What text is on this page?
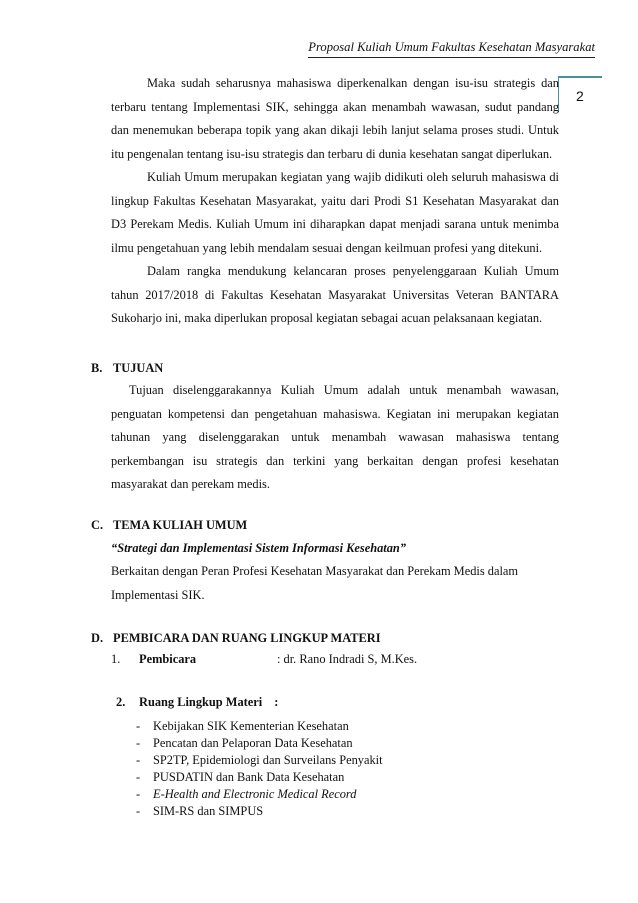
Proposal Kuliah Umum Fakultas Kesehatan Masyarakat
2

Maka sudah seharusnya mahasiswa diperkenalkan dengan isu-isu strategis dan terbaru tentang Implementasi SIK, sehingga akan menambah wawasan, sudut pandang dan menemukan beberapa topik yang akan dikaji lebih lanjut selama proses studi. Untuk itu pengenalan tentang isu-isu strategis dan terbaru di dunia kesehatan sangat diperlukan.

Kuliah Umum merupakan kegiatan yang wajib didikuti oleh seluruh mahasiswa di lingkup Fakultas Kesehatan Masyarakat, yaitu dari Prodi S1 Kesehatan Masyarakat dan D3 Perekam Medis. Kuliah Umum ini diharapkan dapat menjadi sarana untuk menimba ilmu pengetahuan yang lebih mendalam sesuai dengan keilmuan profesi yang ditekuni.

Dalam rangka mendukung kelancaran proses penyelenggaraan Kuliah Umum tahun 2017/2018 di Fakultas Kesehatan Masyarakat Universitas Veteran BANTARA Sukoharjo ini, maka diperlukan proposal kegiatan sebagai acuan pelaksanaan kegiatan.

B. TUJUAN

Tujuan diselenggarakannya Kuliah Umum adalah untuk menambah wawasan, penguatan kompetensi dan pengetahuan mahasiswa. Kegiatan ini merupakan kegiatan tahunan yang diselenggarakan untuk menambah wawasan mahasiswa tentang perkembangan isu strategis dan terkini yang berkaitan dengan profesi kesehatan masyarakat dan perekam medis.

C. TEMA KULIAH UMUM
“Strategi dan Implementasi Sistem Informasi Kesehatan”

Berkaitan dengan Peran Profesi Kesehatan Masyarakat dan Perekam Medis dalam Implementasi SIK.

D. PEMBICARA DAN RUANG LINGKUP MATERI
1. Pembicara	: dr. Rano Indradi S, M.Kes.
2. Ruang Lingkup Materi :
- Kebijakan SIK Kementerian Kesehatan
- Pencatan dan Pelaporan Data Kesehatan
- SP2TP, Epidemiologi dan Surveilans Penyakit
- PUSDATIN dan Bank Data Kesehatan
- E-Health and Electronic Medical Record
- SIM-RS dan SIMPUS
